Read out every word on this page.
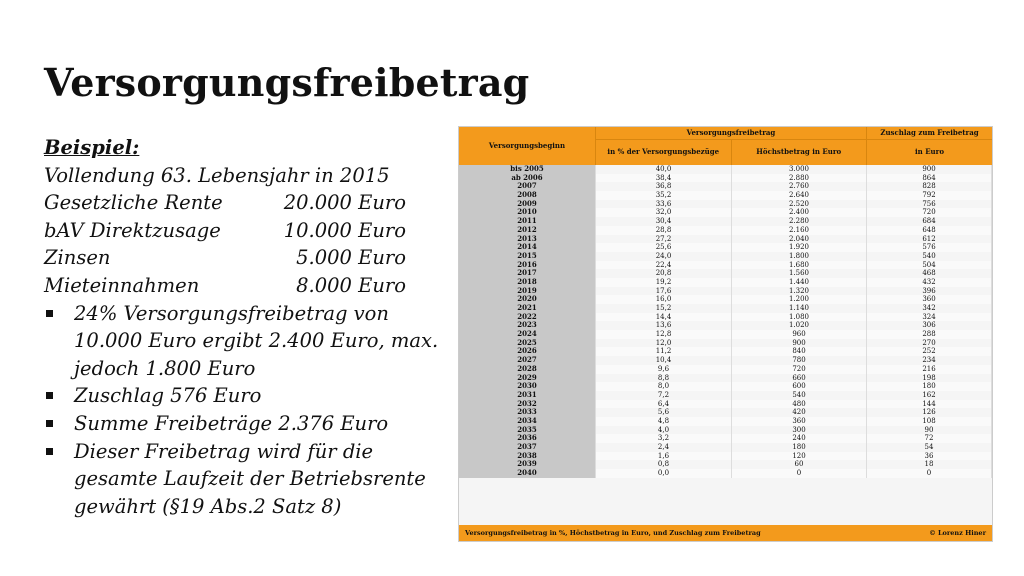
Versorgungsfreibetrag
Beispiel:
Vollendung 63. Lebensjahr in 2015
Gesetzliche Rente	20.000 Euro
bAV Direktzusage	10.000 Euro
Zinsen	5.000 Euro
Mieteinnahmen	8.000 Euro
24% Versorgungsfreibetrag von 10.000 Euro ergibt 2.400 Euro, max. jedoch 1.800 Euro
Zuschlag 576 Euro
Summe Freibeträge 2.376 Euro
Dieser Freibetrag wird für die gesamte Laufzeit der Betriebsrente gewährt (§19 Abs.2 Satz 8)
Versorgungsbeginn
Versorgungsfreibetrag
in % der Versorgungsbezüge	Höchstbetrag in Euro
Zuschlag zum Freibetrag
in Euro
bis 2005	40,0	3.000	900
ab 2006	38,4	2.880	864
2007	36,8	2.760	828
2008	35,2	2.640	792
2009	33,6	2.520	756
2010	32,0	2.400	720
2011	30,4	2.280	684
2012	28,8	2.160	648
2013	27,2	2.040	612
2014	25,6	1.920	576
2015	24,0	1.800	540
2016	22,4	1.680	504
2017	20,8	1.560	468
2018	19,2	1.440	432
2019	17,6	1.320	396
2020	16,0	1.200	360
2021	15,2	1.140	342
2022	14,4	1.080	324
2023	13,6	1.020	306
2024	12,8	960	288
2025	12,0	900	270
2026	11,2	840	252
2027	10,4	780	234
2028	9,6	720	216
2029	8,8	660	198
2030	8,0	600	180
2031	7,2	540	162
2032	6,4	480	144
2033	5,6	420	126
2034	4,8	360	108
2035	4,0	300	90
2036	3,2	240	72
2037	2,4	180	54
2038	1,6	120	36
2039	0,8	60	18
2040	0,0	0	0
Versorgungsfreibetrag in %, Höchstbetrag in Euro, und Zuschlag zum Freibetrag	© Lorenz Hiner
